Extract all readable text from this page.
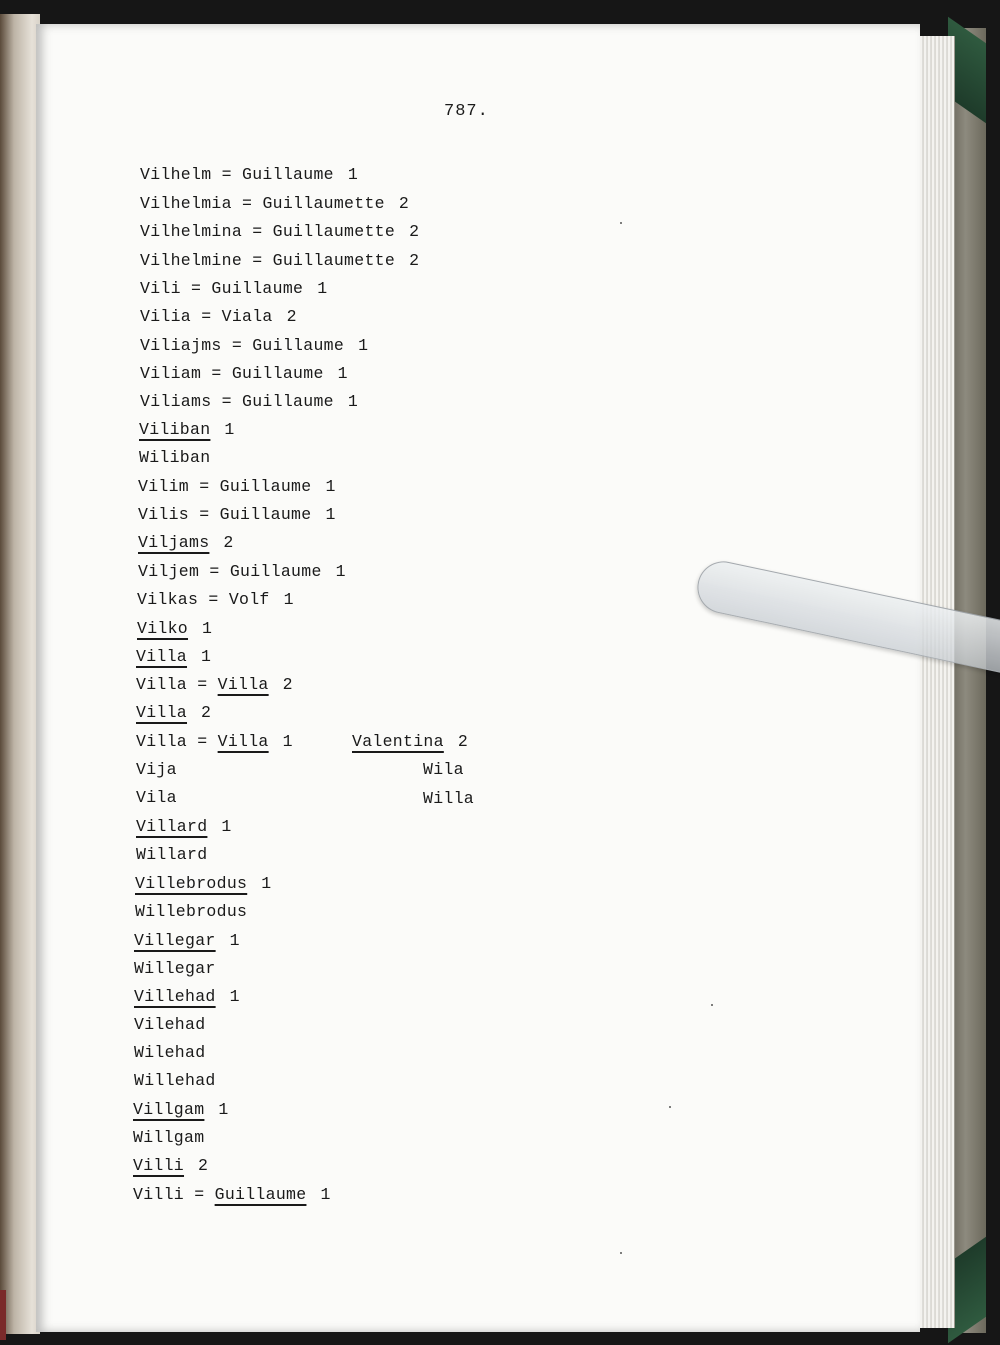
787.
Vilhelm = Guillaume 1
Vilhelmia = Guillaumette 2
Vilhelmina = Guillaumette 2
Vilhelmine = Guillaumette 2
Vili = Guillaume 1
Vilia = Viala 2
Viliajms = Guillaume 1
Viliam = Guillaume 1
Viliams = Guillaume 1
Viliban 1
Wiliban
Vilim = Guillaume 1
Vilis = Guillaume 1
Viljams 2
Viljem = Guillaume 1
Vilkas = Volf 1
Vilko 1
Villa 1
Villa = Villa 2
Villa 2
Villa = Villa 1
Vija
Vila
Villard 1
Willard
Villebrodus 1
Willebrodus
Villegar 1
Willegar
Villehad 1
Vilehad
Wilehad
Willehad
Villgam 1
Willgam
Villi 2
Villi = Guillaume 1
Valentina 2
Wila
Willa
